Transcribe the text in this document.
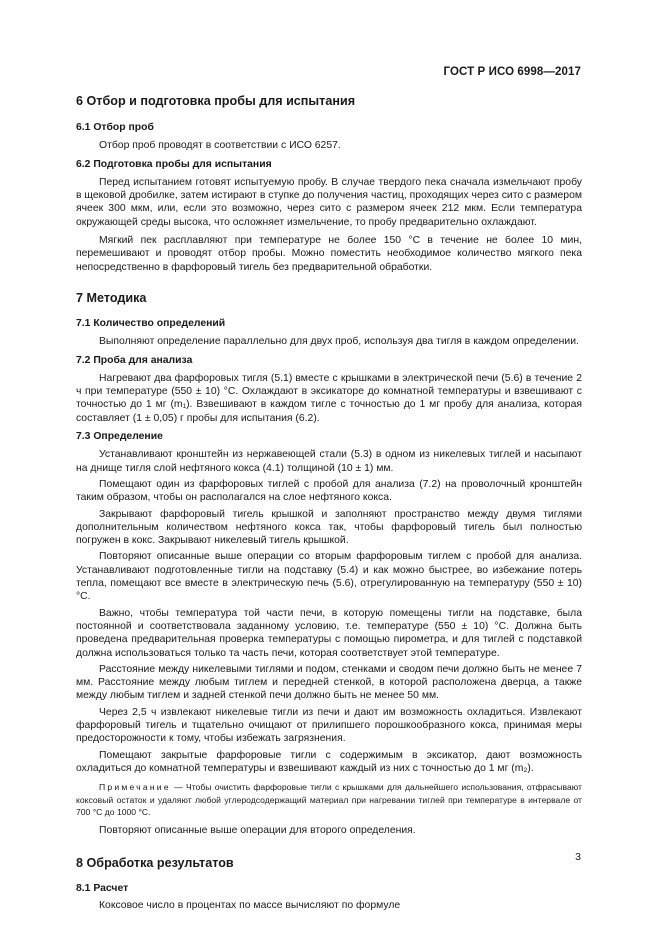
ГОСТ Р ИСО 6998—2017

6 Отбор и подготовка пробы для испытания

6.1 Отбор проб

Отбор проб проводят в соответствии с ИСО 6257.

6.2 Подготовка пробы для испытания

Перед испытанием готовят испытуемую пробу. В случае твердого пека сначала измельчают пробу в щековой дробилке, затем истирают в ступке до получения частиц, проходящих через сито с размером ячеек 300 мкм, или, если это возможно, через сито с размером ячеек 212 мкм. Если температура окружающей среды высока, что осложняет измельчение, то пробу предварительно охлаждают.

Мягкий пек расплавляют при температуре не более 150 °C в течение не более 10 мин, перемешивают и проводят отбор пробы. Можно поместить необходимое количество мягкого пека непосредственно в фарфоровый тигель без предварительной обработки.

7 Методика

7.1 Количество определений

Выполняют определение параллельно для двух проб, используя два тигля в каждом определении.

7.2 Проба для анализа

Нагревают два фарфоровых тигля (5.1) вместе с крышками в электрической печи (5.6) в течение 2 ч при температуре (550 ± 10) °C. Охлаждают в эксикаторе до комнатной температуры и взвешивают с точностью до 1 мг (m₁). Взвешивают в каждом тигле с точностью до 1 мг пробу для анализа, которая составляет (1 ± 0,05) г пробы для испытания (6.2).

7.3 Определение

Устанавливают кронштейн из нержавеющей стали (5.3) в одном из никелевых тиглей и насыпают на днище тигля слой нефтяного кокса (4.1) толщиной (10 ± 1) мм.

Помещают один из фарфоровых тиглей с пробой для анализа (7.2) на проволочный кронштейн таким образом, чтобы он располагался на слое нефтяного кокса.

Закрывают фарфоровый тигель крышкой и заполняют пространство между двумя тиглями дополнительным количеством нефтяного кокса так, чтобы фарфоровый тигель был полностью погружен в кокс. Закрывают никелевый тигель крышкой.

Повторяют описанные выше операции со вторым фарфоровым тиглем с пробой для анализа. Устанавливают подготовленные тигли на подставку (5.4) и как можно быстрее, во избежание потерь тепла, помещают все вместе в электрическую печь (5.6), отрегулированную на температуру (550 ± 10) °C.

Важно, чтобы температура той части печи, в которую помещены тигли на подставке, была постоянной и соответствовала заданному условию, т.е. температуре (550 ± 10) °C. Должна быть проведена предварительная проверка температуры с помощью пирометра, и для тиглей с подставкой должна использоваться только та часть печи, которая соответствует этой температуре.

Расстояние между никелевыми тиглями и подом, стенками и сводом печи должно быть не менее 7 мм. Расстояние между любым тиглем и передней стенкой, в которой расположена дверца, а также между любым тиглем и задней стенкой печи должно быть не менее 50 мм.

Через 2,5 ч извлекают никелевые тигли из печи и дают им возможность охладиться. Извлекают фарфоровый тигель и тщательно очищают от прилипшего порошкообразного кокса, принимая меры предосторожности к тому, чтобы избежать загрязнения.

Помещают закрытые фарфоровые тигли с содержимым в эксикатор, дают возможность охладиться до комнатной температуры и взвешивают каждый из них с точностью до 1 мг (m₂).

Примечание — Чтобы очистить фарфоровые тигли с крышками для дальнейшего использования, отфрасывают коксовый остаток и удаляют любой углеродсодержащий материал при нагревании тиглей при температуре в интервале от 700 °C до 1000 °C.

Повторяют описанные выше операции для второго определения.

8 Обработка результатов

8.1 Расчет

Коксовое число в процентах по массе вычисляют по формуле

3
